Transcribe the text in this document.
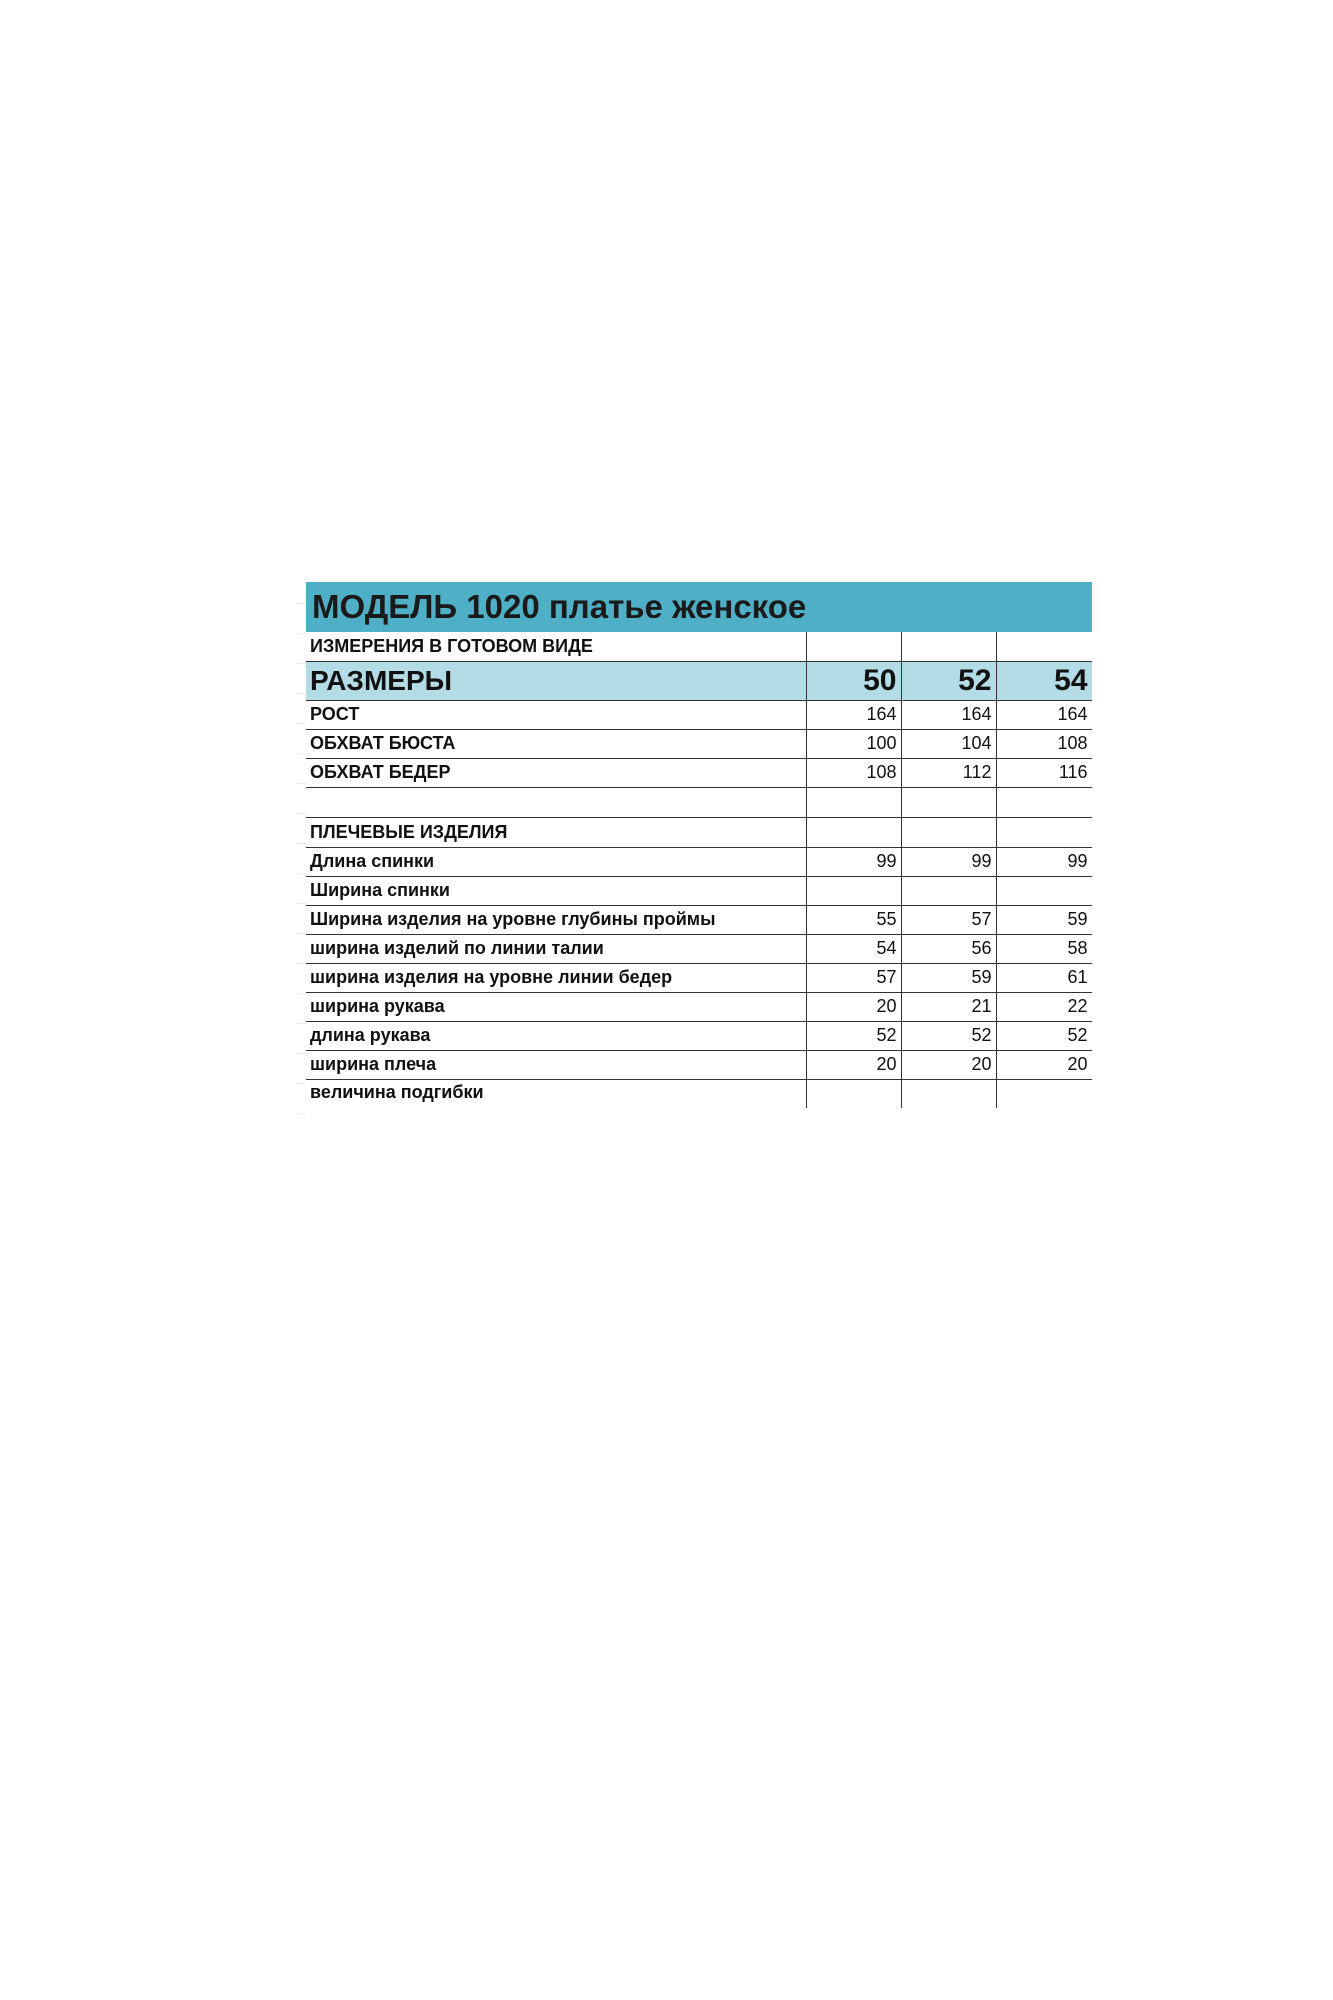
МОДЕЛЬ 1020 платье женское			
ИЗМЕРЕНИЯ В ГОТОВОМ ВИДЕ			
РАЗМЕРЫ	50	52	54
РОСТ	164	164	164
ОБХВАТ БЮСТА	100	104	108
ОБХВАТ БЕДЕР	108	112	116

ПЛЕЧЕВЫЕ ИЗДЕЛИЯ			
Длина спинки	99	99	99
Ширина спинки			
Ширина изделия на уровне глубины проймы	55	57	59
ширина изделий по линии талии	54	56	58
ширина изделия на уровне линии бедер	57	59	61
ширина рукава	20	21	22
длина рукава	52	52	52
ширина плеча	20	20	20
величина подгибки			
